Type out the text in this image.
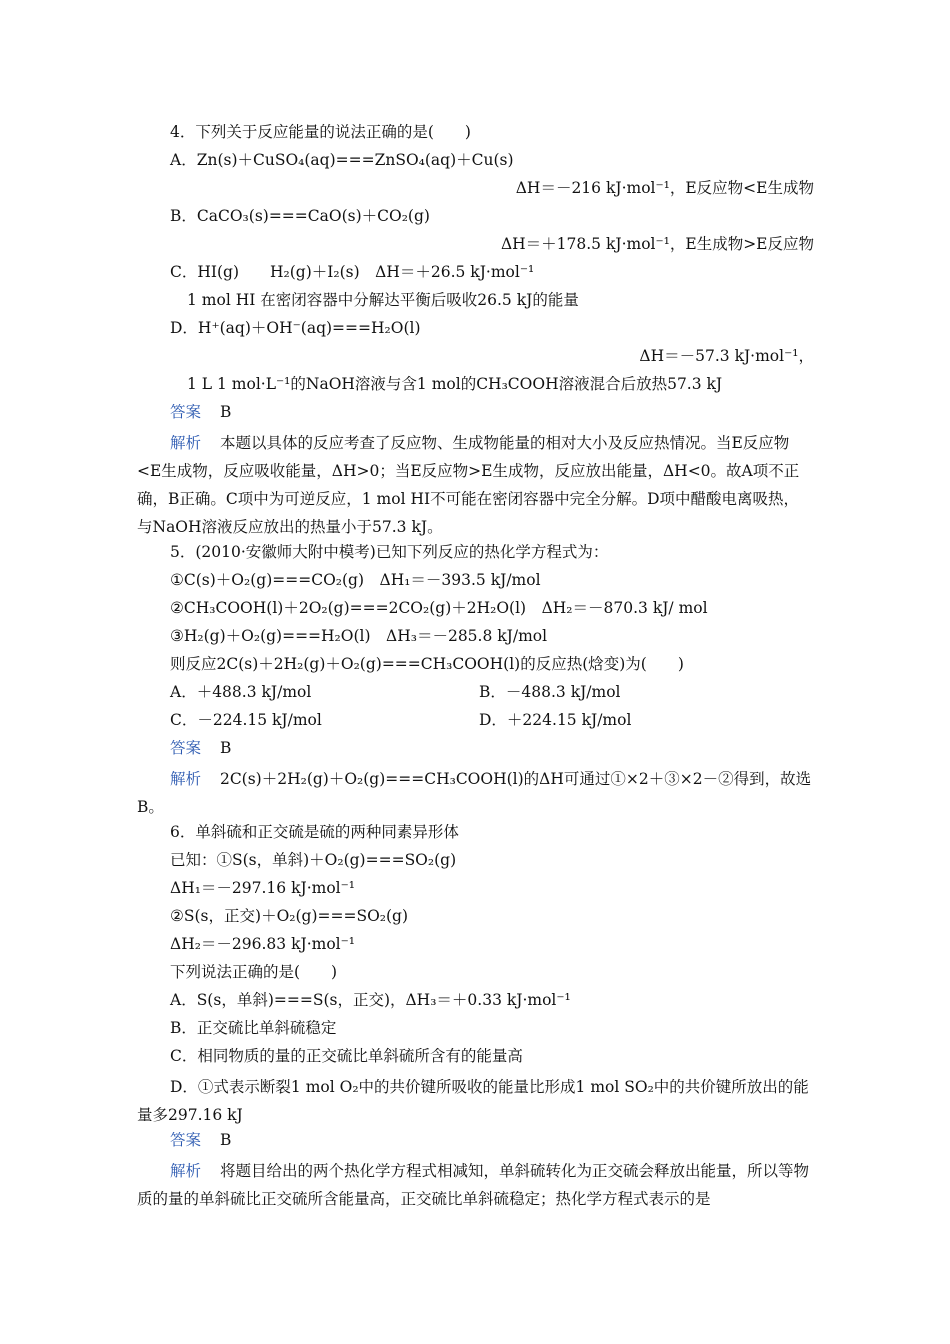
4．下列关于反应能量的说法正确的是(　　)
A．Zn(s)＋CuSO₄(aq)===ZnSO₄(aq)＋Cu(s)
ΔH＝－216 kJ·mol⁻¹，E反应物<E生成物
B．CaCO₃(s)===CaO(s)＋CO₂(g)
ΔH＝＋178.5 kJ·mol⁻¹，E生成物>E反应物
C．HI(g)　　H₂(g)＋I₂(s)　ΔH＝＋26.5 kJ·mol⁻¹
1 mol HI 在密闭容器中分解达平衡后吸收26.5 kJ的能量
D．H⁺(aq)＋OH⁻(aq)===H₂O(l)
ΔH＝－57.3 kJ·mol⁻¹，
1 L 1 mol·L⁻¹的NaOH溶液与含1 mol的CH₃COOH溶液混合后放热57.3 kJ
答案 B
解析 本题以具体的反应考查了反应物、生成物能量的相对大小及反应热情况。当E反应物<E生成物，反应吸收能量，ΔH>0；当E反应物>E生成物，反应放出能量，ΔH<0。故A项不正确，B正确。C项中为可逆反应，1 mol HI不可能在密闭容器中完全分解。D项中醋酸电离吸热，与NaOH溶液反应放出的热量小于57.3 kJ。
5．(2010·安徽师大附中模考)已知下列反应的热化学方程式为：
①C(s)＋O₂(g)===CO₂(g)　ΔH₁＝－393.5 kJ/mol
②CH₃COOH(l)＋2O₂(g)===2CO₂(g)＋2H₂O(l)　ΔH₂＝－870.3 kJ/ mol
③H₂(g)＋O₂(g)===H₂O(l)　ΔH₃＝－285.8 kJ/mol
则反应2C(s)＋2H₂(g)＋O₂(g)===CH₃COOH(l)的反应热(焓变)为(　　)
A．＋488.3 kJ/mol	B．－488.3 kJ/mol
C．－224.15 kJ/mol	D．＋224.15 kJ/mol
答案 B
解析 2C(s)＋2H₂(g)＋O₂(g)===CH₃COOH(l)的ΔH可通过①×2＋③×2－②得到，故选B。
6．单斜硫和正交硫是硫的两种同素异形体
已知：①S(s，单斜)＋O₂(g)===SO₂(g)
ΔH₁＝－297.16 kJ·mol⁻¹
②S(s，正交)＋O₂(g)===SO₂(g)
ΔH₂＝－296.83 kJ·mol⁻¹
下列说法正确的是(　　)
A．S(s，单斜)===S(s，正交)，ΔH₃＝＋0.33 kJ·mol⁻¹
B．正交硫比单斜硫稳定
C．相同物质的量的正交硫比单斜硫所含有的能量高
D．①式表示断裂1 mol O₂中的共价键所吸收的能量比形成1 mol SO₂中的共价键所放出的能量多297.16 kJ
答案 B
解析 将题目给出的两个热化学方程式相减知，单斜硫转化为正交硫会释放出能量，所以等物质的量的单斜硫比正交硫所含能量高，正交硫比单斜硫稳定；热化学方程式表示的是
